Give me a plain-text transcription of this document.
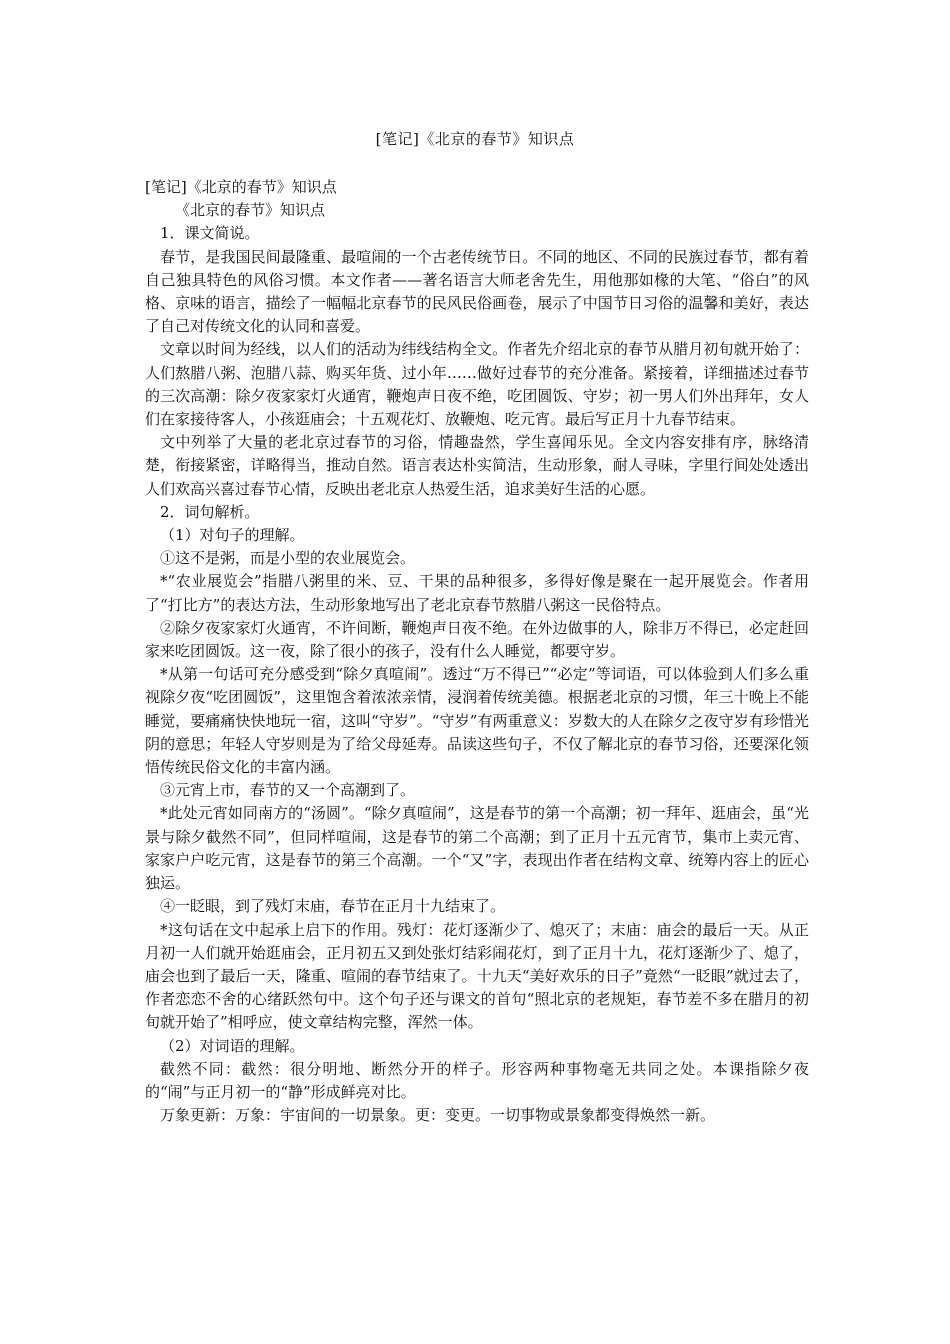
[笔记]《北京的春节》知识点

[笔记]《北京的春节》知识点

《北京的春节》知识点

1．课文简说。

春节，是我国民间最隆重、最喧闹的一个古老传统节日。不同的地区、不同的民族过春节，都有着自己独具特色的风俗习惯。本文作者——著名语言大师老舍先生，用他那如椽的大笔、“俗白”的风格、京味的语言，描绘了一幅幅北京春节的民风民俗画卷，展示了中国节日习俗的温馨和美好，表达了自己对传统文化的认同和喜爱。

文章以时间为经线，以人们的活动为纬线结构全文。作者先介绍北京的春节从腊月初旬就开始了：人们熬腊八粥、泡腊八蒜、购买年货、过小年……做好过春节的充分准备。紧接着，详细描述过春节的三次高潮：除夕夜家家灯火通宵，鞭炮声日夜不绝，吃团圆饭、守岁；初一男人们外出拜年，女人们在家接待客人，小孩逛庙会；十五观花灯、放鞭炮、吃元宵。最后写正月十九春节结束。

文中列举了大量的老北京过春节的习俗，情趣盎然，学生喜闻乐见。全文内容安排有序，脉络清楚，衔接紧密，详略得当，推动自然。语言表达朴实简洁，生动形象，耐人寻味，字里行间处处透出人们欢高兴喜过春节心情，反映出老北京人热爱生活，追求美好生活的心愿。

2．词句解析。

（1）对句子的理解。

①这不是粥，而是小型的农业展览会。

*“农业展览会”指腊八粥里的米、豆、干果的品种很多，多得好像是聚在一起开展览会。作者用了“打比方”的表达方法，生动形象地写出了老北京春节熬腊八粥这一民俗特点。

②除夕夜家家灯火通宵，不许间断，鞭炮声日夜不绝。在外边做事的人，除非万不得已，必定赶回家来吃团圆饭。这一夜，除了很小的孩子，没有什么人睡觉，都要守岁。

*从第一句话可充分感受到“除夕真喧闹”。透过“万不得已”“必定”等词语，可以体验到人们多么重视除夕夜“吃团圆饭”，这里饱含着浓浓亲情，浸润着传统美德。根据老北京的习惯，年三十晚上不能睡觉，要痛痛快快地玩一宿，这叫“守岁”。“守岁”有两重意义：岁数大的人在除夕之夜守岁有珍惜光阴的意思；年轻人守岁则是为了给父母延寿。品读这些句子，不仅了解北京的春节习俗，还要深化领悟传统民俗文化的丰富内涵。

③元宵上市，春节的又一个高潮到了。

*此处元宵如同南方的“汤圆”。“除夕真喧闹”，这是春节的第一个高潮；初一拜年、逛庙会，虽“光景与除夕截然不同”，但同样喧闹，这是春节的第二个高潮；到了正月十五元宵节，集市上卖元宵、家家户户吃元宵，这是春节的第三个高潮。一个“又”字，表现出作者在结构文章、统筹内容上的匠心独运。

④一眨眼，到了残灯末庙，春节在正月十九结束了。

*这句话在文中起承上启下的作用。残灯：花灯逐渐少了、熄灭了；末庙：庙会的最后一天。从正月初一人们就开始逛庙会，正月初五又到处张灯结彩闹花灯，到了正月十九，花灯逐渐少了、熄了，庙会也到了最后一天，隆重、喧闹的春节结束了。十九天“美好欢乐的日子”竟然“一眨眼”就过去了，作者恋恋不舍的心绪跃然句中。这个句子还与课文的首句“照北京的老规矩，春节差不多在腊月的初旬就开始了”相呼应，使文章结构完整，浑然一体。

（2）对词语的理解。

截然不同：截然：很分明地、断然分开的样子。形容两种事物毫无共同之处。本课指除夕夜的“闹”与正月初一的“静”形成鲜亮对比。

万象更新：万象：宇宙间的一切景象。更：变更。一切事物或景象都变得焕然一新。
